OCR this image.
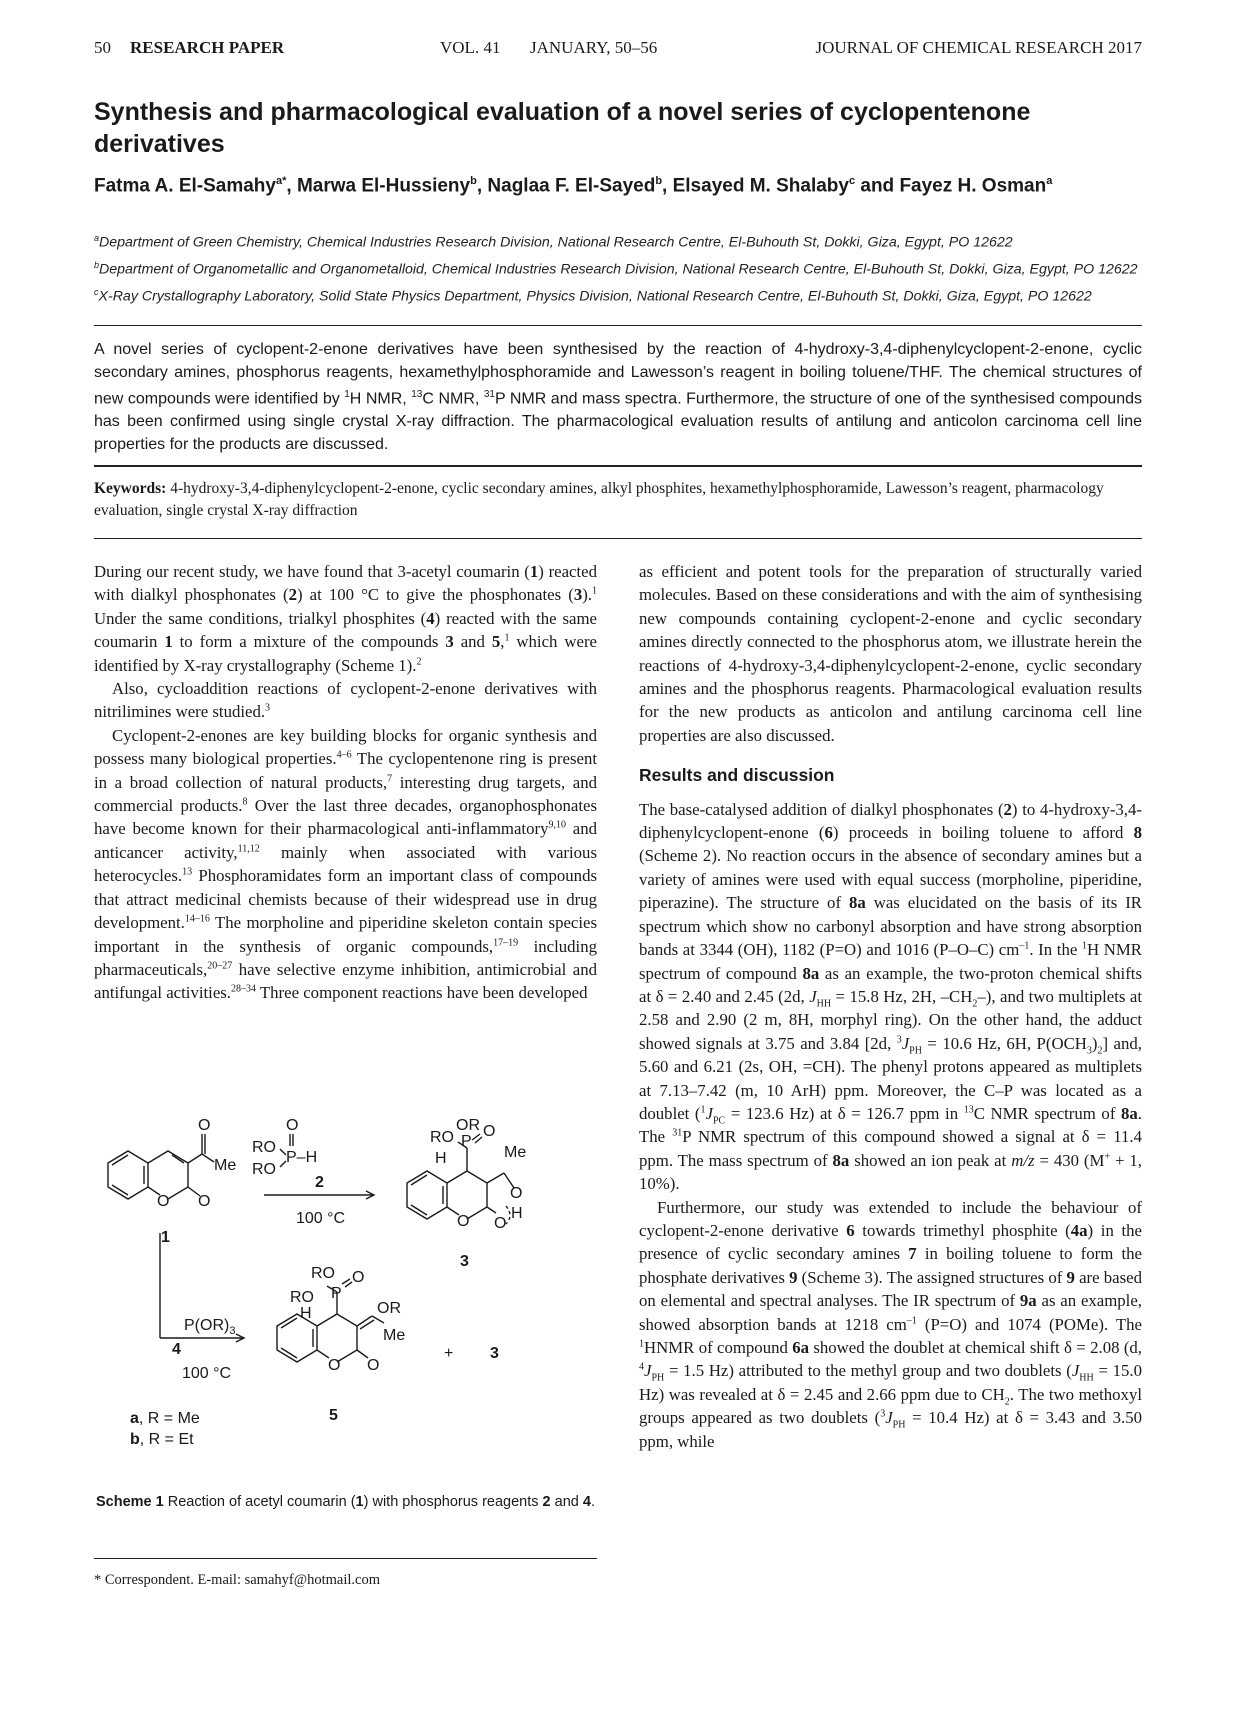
50 RESEARCH PAPER	VOL. 41 JANUARY, 50–56	JOURNAL OF CHEMICAL RESEARCH 2017
Synthesis and pharmacological evaluation of a novel series of cyclopentenone derivatives
Fatma A. El-Samahy$^{a*}$, Marwa El-Hussieny$^b$, Naglaa F. El-Sayed$^b$, Elsayed M. Shalaby$^c$ and Fayez H. Osman$^a$

$^a$Department of Green Chemistry, Chemical Industries Research Division, National Research Centre, El-Buhouth St, Dokki, Giza, Egypt, PO 12622

$^b$Department of Organometallic and Organometalloid, Chemical Industries Research Division, National Research Centre, El-Buhouth St, Dokki, Giza, Egypt, PO 12622

$^c$X-Ray Crystallography Laboratory, Solid State Physics Department, Physics Division, National Research Centre, El-Buhouth St, Dokki, Giza, Egypt, PO 12622

A novel series of cyclopent-2-enone derivatives have been synthesised by the reaction of 4-hydroxy-3,4-diphenylcyclopent-2-enone, cyclic secondary amines, phosphorus reagents, hexamethylphosphoramide and Lawesson’s reagent in boiling toluene/THF. The chemical structures of new compounds were identified by $^1$H NMR, $^{13}$C NMR, $^{31}$P NMR and mass spectra. Furthermore, the structure of one of the synthesised compounds has been confirmed using single crystal X-ray diffraction. The pharmacological evaluation results of antilung and anticolon carcinoma cell line properties for the products are discussed.
Keywords: 4-hydroxy-3,4-diphenylcyclopent-2-enone, cyclic secondary amines, alkyl phosphites, hexamethylphosphoramide, Lawesson’s reagent, pharmacology evaluation, single crystal X-ray diffraction

During our recent study, we have found that 3-acetyl coumarin (1) reacted with dialkyl phosphonates (2) at 100 °C to give the phosphonates (3).$^1$ Under the same conditions, trialkyl phosphites (4) reacted with the same coumarin 1 to form a mixture of the compounds 3 and 5,$^1$ which were identified by X-ray crystallography (Scheme 1).$^2$

Also, cycloaddition reactions of cyclopent-2-enone derivatives with nitrilimines were studied.$^3$

Cyclopent-2-enones are key building blocks for organic synthesis and possess many biological properties.$^{4-6}$ The cyclopentenone ring is present in a broad collection of natural products,$^7$ interesting drug targets, and commercial products.$^8$ Over the last three decades, organophosphonates have become known for their pharmacological anti-inflammatory$^{9,10}$ and anticancer activity,$^{11,12}$ mainly when associated with various heterocycles.$^{13}$ Phosphoramidates form an important class of compounds that attract medicinal chemists because of their widespread use in drug development.$^{14-16}$ The morpholine and piperidine skeleton contain species important in the synthesis of organic compounds,$^{17-19}$ including pharmaceuticals,$^{20-27}$ have selective enzyme inhibition, antimicrobial and antifungal activities.$^{28-34}$ Three component reactions have been developed

O
Me
O O
1
O
RO
P–H
RO
2
100 °C
OR
RO P
O
H	Me
O
O O
H
3
$P(OR)_3$
4
100 °C
RO
RO P
O
H	OR
Me
O O
5
+ 3
a, R = Me
b, R = Et
Scheme 1 Reaction of acetyl coumarin (1) with phosphorus reagents 2 and 4.
* Correspondent. E-mail: samahyf@hotmail.com

as efficient and potent tools for the preparation of structurally varied molecules. Based on these considerations and with the aim of synthesising new compounds containing cyclopent-2-enone and cyclic secondary amines directly connected to the phosphorus atom, we illustrate herein the reactions of 4-hydroxy-3,4-diphenylcyclopent-2-enone, cyclic secondary amines and the phosphorus reagents. Pharmacological evaluation results for the new products as anticolon and antilung carcinoma cell line properties are also discussed.

Results and discussion

The base-catalysed addition of dialkyl phosphonates (2) to 4-hydroxy-3,4-diphenylcyclopent-enone (6) proceeds in boiling toluene to afford 8 (Scheme 2). No reaction occurs in the absence of secondary amines but a variety of amines were used with equal success (morpholine, piperidine, piperazine). The structure of 8a was elucidated on the basis of its IR spectrum which show no carbonyl absorption and have strong absorption bands at 3344 (OH), 1182 (P=O) and 1016 (P–O–C) $cm^{-1}$. In the $^1$H NMR spectrum of compound 8a as an example, the two-proton chemical shifts at δ = 2.40 and 2.45 (2d, $J_{HH} = 15.8$ Hz, 2H, $-CH_2-$), and two multiplets at 2.58 and 2.90 (2 m, 8H, morphyl ring). On the other hand, the adduct showed signals at 3.75 and 3.84 [2d, $^3J_{PH} = 10.6$ Hz, 6H, $P(OCH_3)_2$] and, 5.60 and 6.21 (2s, OH, =CH). The phenyl protons appeared as multiplets at 7.13–7.42 (m, 10 ArH) ppm. Moreover, the C–P was located as a doublet ($^1J_{PC} = 123.6$ Hz) at δ = 126.7 ppm in $^{13}$C NMR spectrum of 8a. The $^{31}$P NMR spectrum of this compound showed a signal at δ = 11.4 ppm. The mass spectrum of 8a showed an ion peak at m/z = 430 (M+ + 1, 10%).

Furthermore, our study was extended to include the behaviour of cyclopent-2-enone derivative 6 towards trimethyl phosphite (4a) in the presence of cyclic secondary amines 7 in boiling toluene to form the phosphate derivatives 9 (Scheme 3). The assigned structures of 9 are based on elemental and spectral analyses. The IR spectrum of 9a as an example, showed absorption bands at 1218 $cm^{-1}$ (P=O) and 1074 (POMe). The $^1$HNMR of compound 6a showed the doublet at chemical shift δ = 2.08 (d, $^4J_{PH} = 1.5$ Hz) attributed to the methyl group and two doublets ($J_{HH} = 15.0$ Hz) was revealed at δ = 2.45 and 2.66 ppm due to $CH_2$. The two methoxyl groups appeared as two doublets ($^3J_{PH} = 10.4$ Hz) at δ = 3.43 and 3.50 ppm, while
